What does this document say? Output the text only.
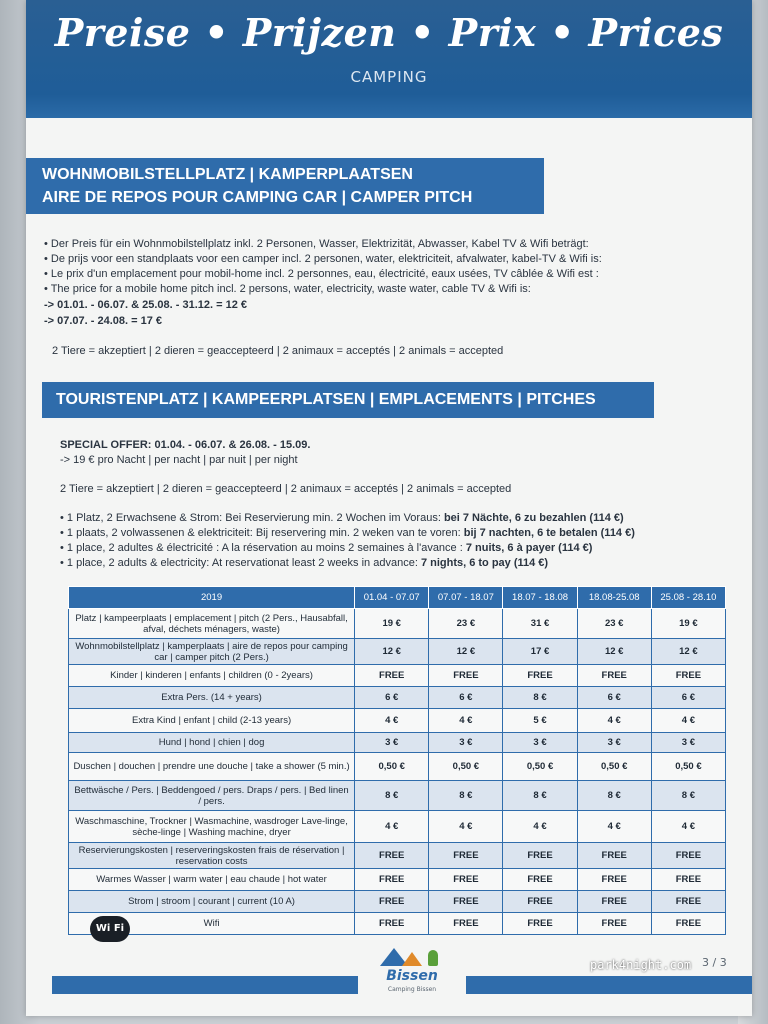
Preise • Prijzen • Prix • Prices
CAMPING
WOHNMOBILSTELLPLATZ | KAMPERPLAATSEN
AIRE DE REPOS POUR CAMPING CAR | CAMPER PITCH
• Der Preis für ein Wohnmobilstellplatz inkl. 2 Personen, Wasser, Elektrizität, Abwasser, Kabel TV & Wifi beträgt:
• De prijs voor een standplaats voor een camper incl. 2 personen, water, elektriciteit, afvalwater, kabel-TV & Wifi is:
• Le prix d'un emplacement pour mobil-home incl. 2 personnes, eau, électricité, eaux usées, TV câblée & Wifi est :
• The price for a mobile home pitch incl. 2 persons, water, electricity, waste water, cable TV & Wifi is:
-> 01.01. - 06.07. & 25.08. - 31.12. = 12 €
-> 07.07. - 24.08. = 17 €
2 Tiere = akzeptiert | 2 dieren = geaccepteerd | 2 animaux = acceptés | 2 animals = accepted
TOURISTENPLATZ | KAMPEERPLATSEN | EMPLACEMENTS | PITCHES
SPECIAL OFFER: 01.04. - 06.07. & 26.08. - 15.09.
-> 19 € pro Nacht | per nacht | par nuit | per night
2 Tiere = akzeptiert | 2 dieren = geaccepteerd | 2 animaux = acceptés | 2 animals = accepted
• 1 Platz, 2 Erwachsene & Strom: Bei Reservierung min. 2 Wochen im Voraus: bei 7 Nächte, 6 zu bezahlen (114 €)
• 1 plaats, 2 volwassenen & elektriciteit: Bij reservering min. 2 weken van te voren: bij 7 nachten, 6 te betalen (114 €)
• 1 place, 2 adultes & électricité : A la réservation au moins 2 semaines à l'avance : 7 nuits, 6 à payer (114 €)
• 1 place, 2 adults & electricity: At reservationat least 2 weeks in advance: 7 nights, 6 to pay (114 €)
2019	01.04 - 07.07	07.07 - 18.07	18.07 - 18.08	18.08-25.08	25.08 - 28.10
Platz | kampeerplaats | emplacement | pitch (2 Pers., Hausabfall, afval, déchets ménagers, waste)	19 €	23 €	31 €	23 €	19 €
Wohnmobilstellplatz | kamperplaats | aire de repos pour camping car | camper pitch (2 Pers.)	12 €	12 €	17 €	12 €	12 €
Kinder | kinderen | enfants | children (0 - 2years)	FREE	FREE	FREE	FREE	FREE
Extra Pers. (14 + years)	6 €	6 €	8 €	6 €	6 €
Extra Kind | enfant | child (2-13 years)	4 €	4 €	5 €	4 €	4 €
Hund | hond | chien | dog	3 €	3 €	3 €	3 €	3 €
Duschen | douchen | prendre une douche | take a shower (5 min.)	0,50 €	0,50 €	0,50 €	0,50 €	0,50 €
Bettwäsche / Pers. | Beddengoed / pers. Draps / pers. | Bed linen / pers.	8 €	8 €	8 €	8 €	8 €
Waschmaschine, Trockner | Wasmachine, wasdroger Lave-linge, sèche-linge | Washing machine, dryer	4 €	4 €	4 €	4 €	4 €
Reservierungskosten | reserveringskosten frais de réservation | reservation costs	FREE	FREE	FREE	FREE	FREE
Warmes Wasser | warm water | eau chaude | hot water	FREE	FREE	FREE	FREE	FREE
Strom | stroom | courant | current (10 A)	FREE	FREE	FREE	FREE	FREE
Wifi	FREE	FREE	FREE	FREE	FREE
Wi Fi
Bissen
Camping Bissen
3 / 3
park4night.com
